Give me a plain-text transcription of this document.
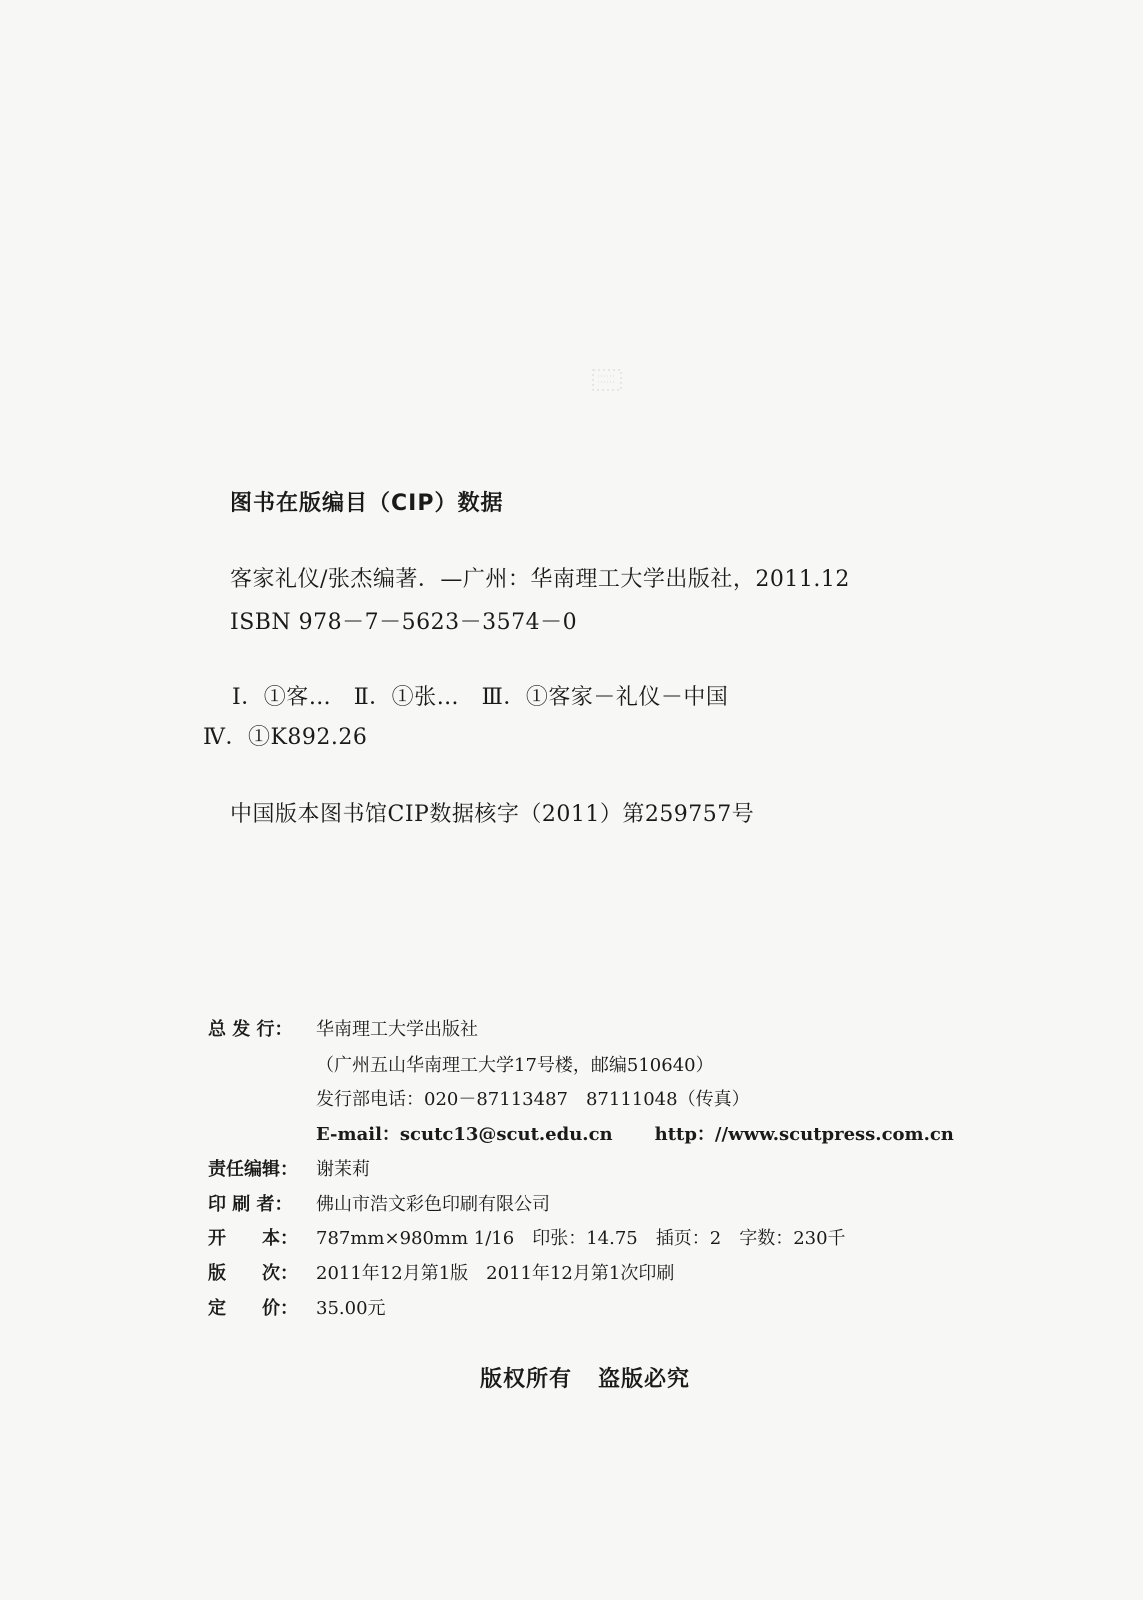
图书在版编目（CIP）数据
客家礼仪/张杰编著．—广州：华南理工大学出版社，2011.12
ISBN 978－7－5623－3574－0
Ⅰ．①客…　Ⅱ．①张…　Ⅲ．①客家－礼仪－中国
Ⅳ．①K892.26
中国版本图书馆CIP数据核字（2011）第259757号
总 发 行： 华南理工大学出版社
（广州五山华南理工大学17号楼，邮编510640）
发行部电话：020－87113487　87111048（传真）
E-mail：scutc13@scut.edu.cn http：//www.scutpress.com.cn
责任编辑： 谢茉莉
印 刷 者： 佛山市浩文彩色印刷有限公司
开　　本： 787mm×980mm 1/16 印张：14.75 插页：2 字数：230千
版　　次： 2011年12月第1版 2011年12月第1次印刷
定　　价： 35.00元
版权所有 盗版必究
